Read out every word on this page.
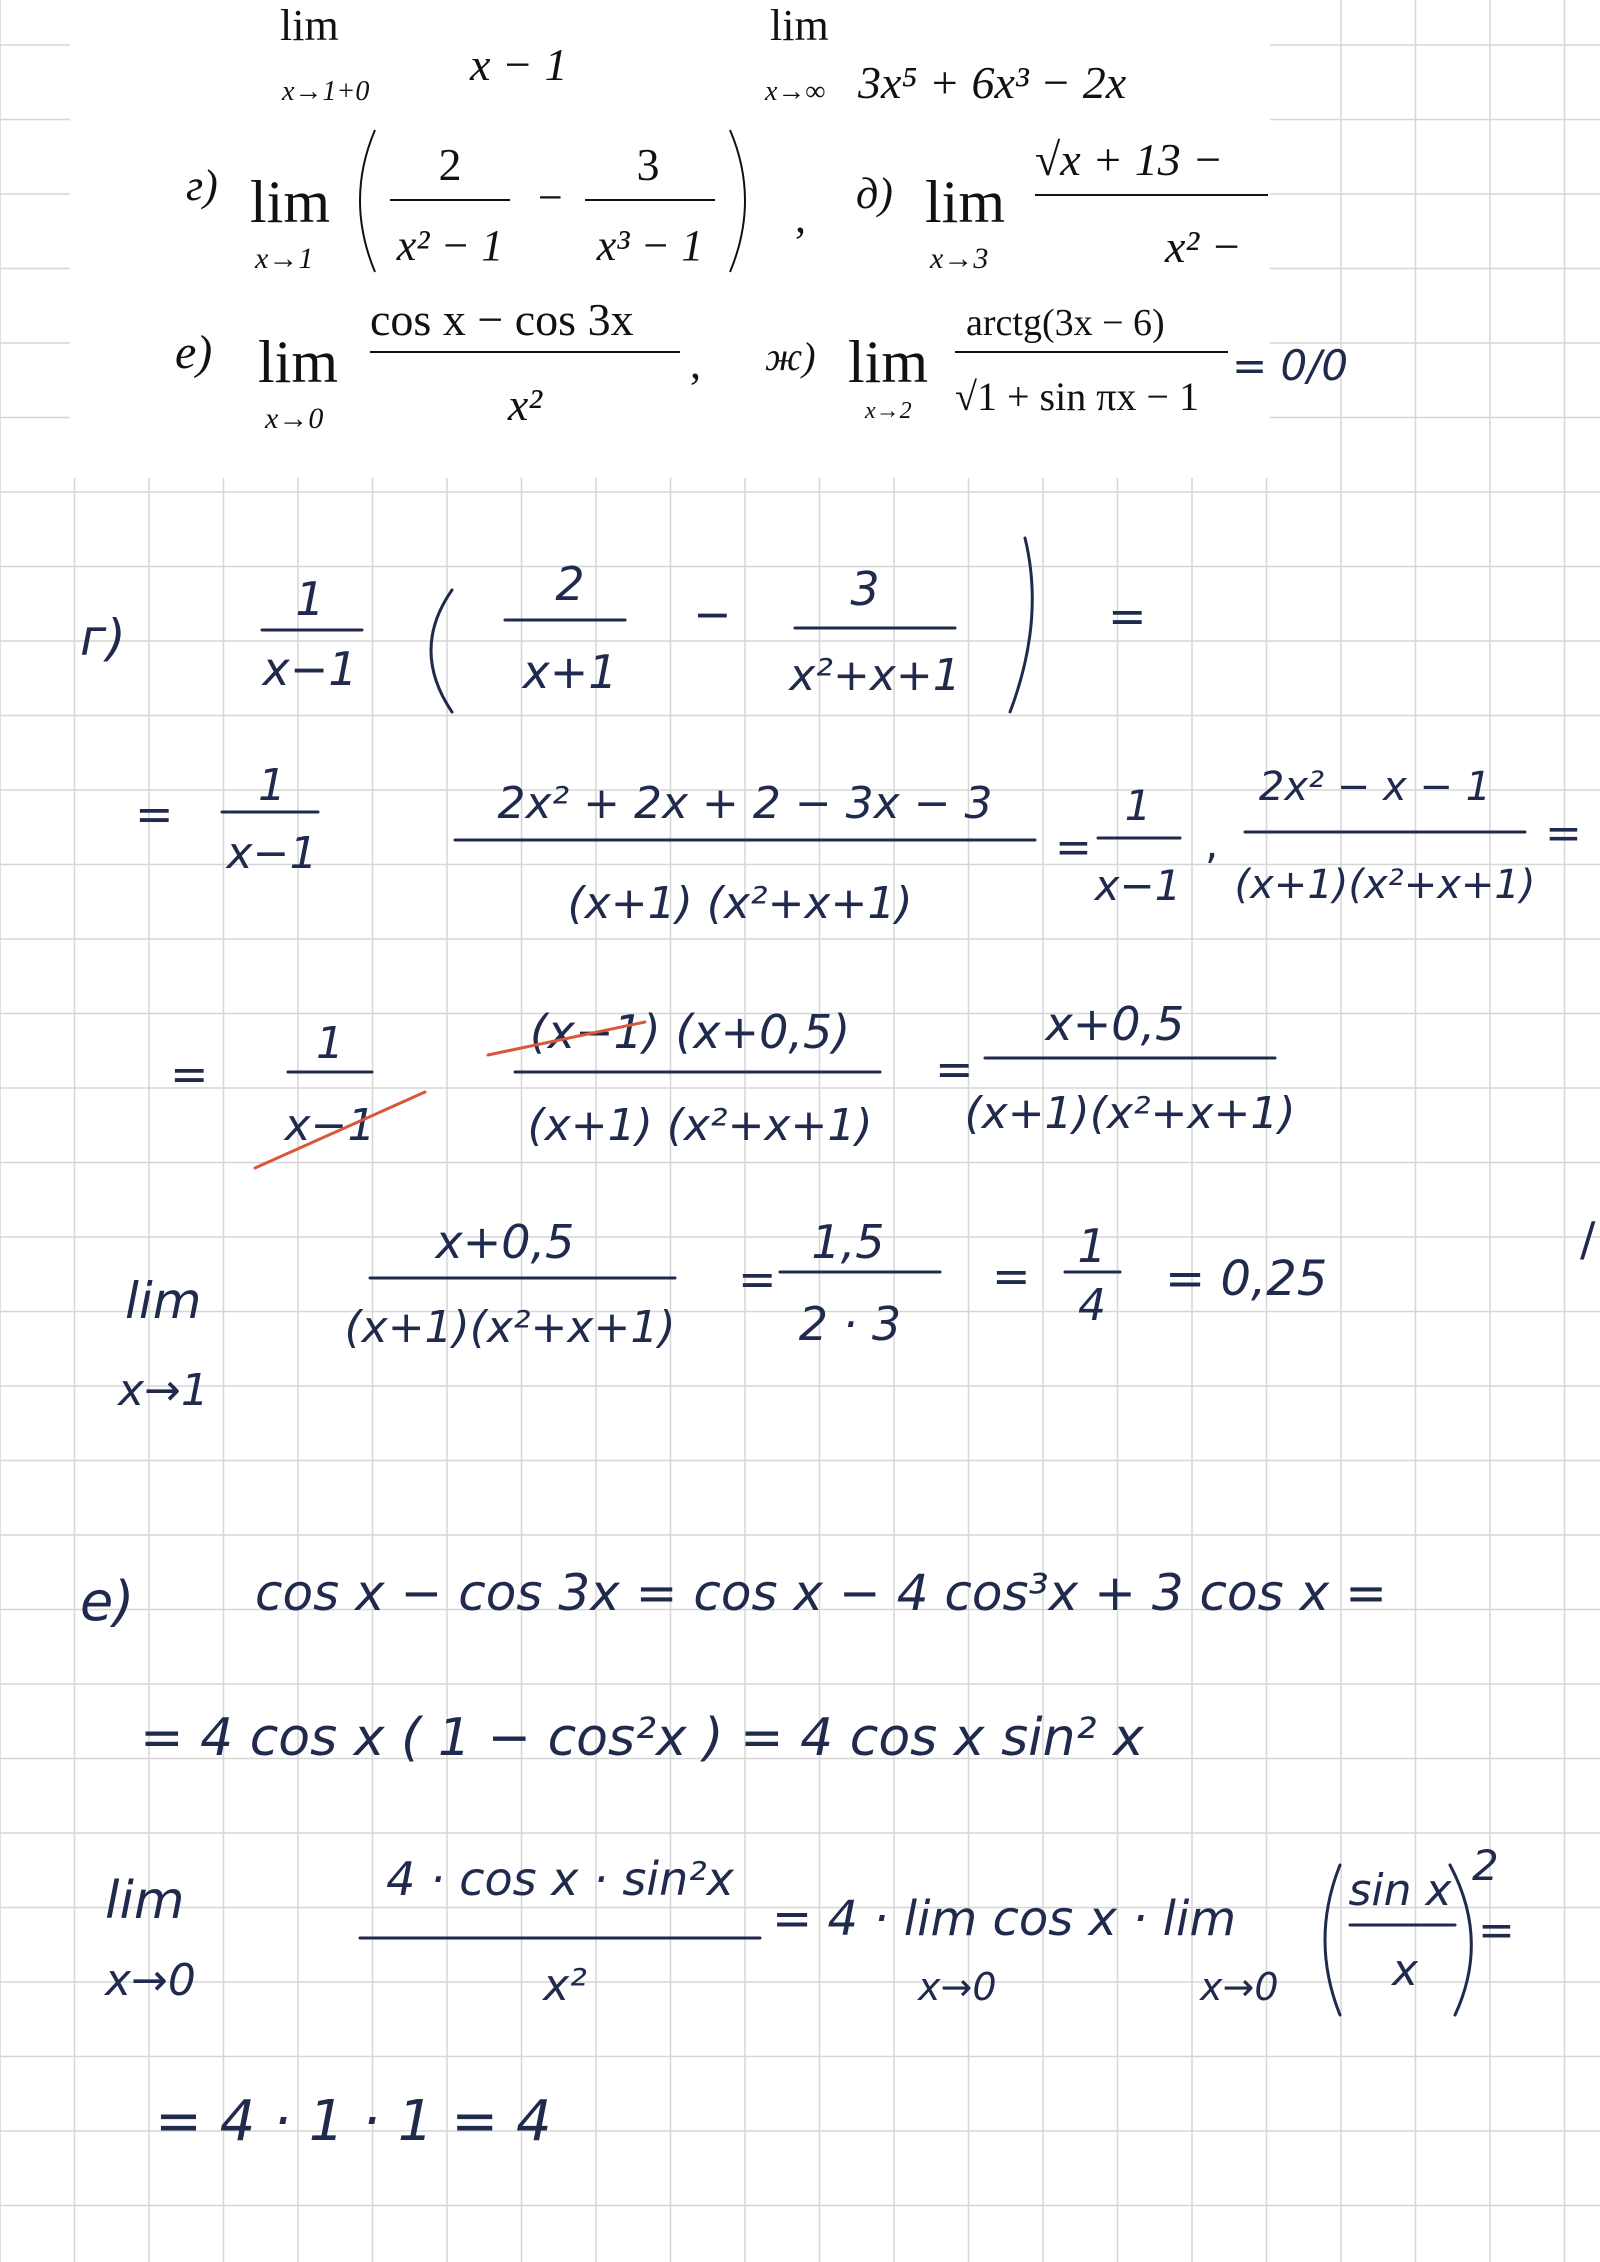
lim
x→1+0
x − 1
lim
x→∞ 3x⁵ + 6x³ − 2x
г) lim
x→1
2
x² − 1
−
3
x³ − 1
, д) lim
x→3
√x + 13 −
x² −
e) lim
x→0
cos x − cos 3x
x²
, ж) lim
x→2
arctg(3x − 6)
√1 + sin πx − 1
= 0/0
г)
1
x−1
2
x+1
−	3
x²+x+1
=
=
1
x−1
2x² + 2x + 2 − 3x − 3
(x+1) (x²+x+1)
=
1
x−1
,
2x² − x − 1
(x+1)(x²+x+1)
=
=
1
x−1
(x−1) (x+0,5)
(x+1) (x²+x+1)
=
x+0,5
(x+1)(x²+x+1)
lim
x→1
x+0,5
(x+1)(x²+x+1)
=
1,5
2 · 3
=
1
4 = 0,25
/
e) cos x − cos 3x = cos x − 4 cos³x + 3 cos x =
= 4 cos x ( 1 − cos²x ) = 4 cos x sin² x
lim
x→0
4 · cos x · sin²x
x²
= 4 · lim cos x · lim
x→0	x→0
sin x
x
2
=
= 4 · 1 · 1 = 4
